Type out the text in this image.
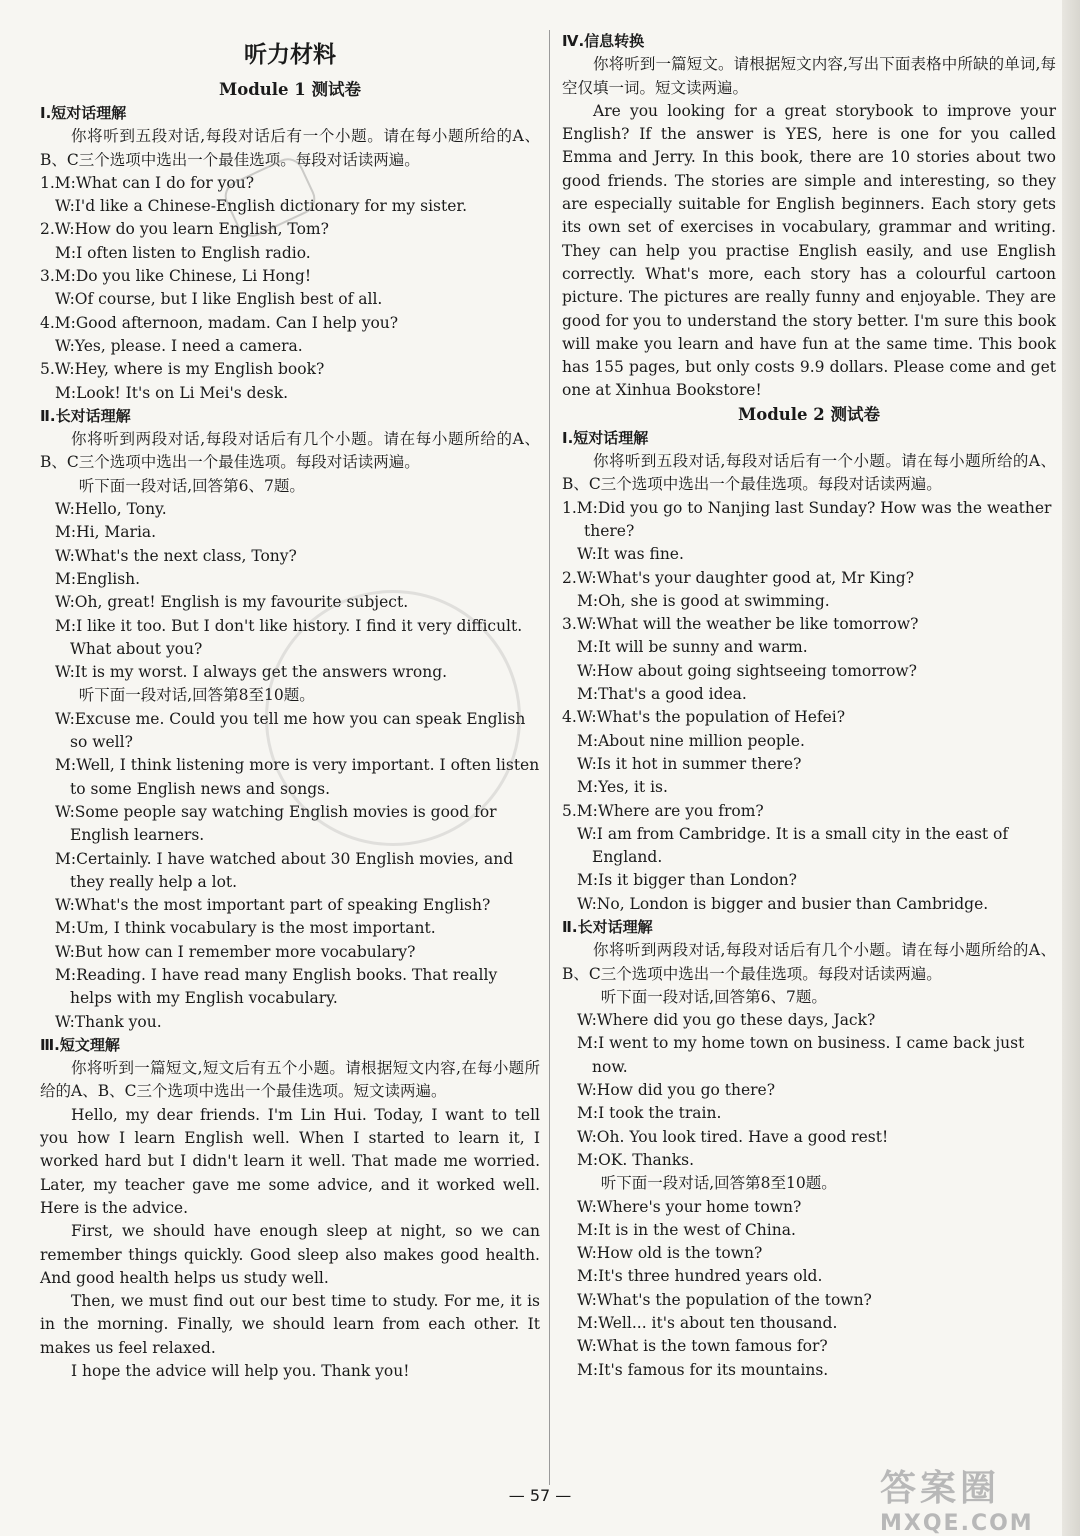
听力材料
Module 1 测试卷
Ⅰ.短对话理解
你将听到五段对话,每段对话后有一个小题。请在每小题所给的A、B、C三个选项中选出一个最佳选项。每段对话读两遍。
1.M:What can I do for you?
W:I'd like a Chinese-English dictionary for my sister.
2.W:How do you learn English, Tom?
M:I often listen to English radio.
3.M:Do you like Chinese, Li Hong!
W:Of course, but I like English best of all.
4.M:Good afternoon, madam. Can I help you?
W:Yes, please. I need a camera.
5.W:Hey, where is my English book?
M:Look! It's on Li Mei's desk.
Ⅱ.长对话理解
你将听到两段对话,每段对话后有几个小题。请在每小题所给的A、B、C三个选项中选出一个最佳选项。每段对话读两遍。
听下面一段对话,回答第6、7题。
W:Hello, Tony.
M:Hi, Maria.
W:What's the next class, Tony?
M:English.
W:Oh, great! English is my favourite subject.
M:I like it too. But I don't like history. I find it very difficult. What about you?
W:It is my worst. I always get the answers wrong.
听下面一段对话,回答第8至10题。
W:Excuse me. Could you tell me how you can speak English so well?
M:Well, I think listening more is very important. I often listen to some English news and songs.
W:Some people say watching English movies is good for English learners.
M:Certainly. I have watched about 30 English movies, and they really help a lot.
W:What's the most important part of speaking English?
M:Um, I think vocabulary is the most important.
W:But how can I remember more vocabulary?
M:Reading. I have read many English books. That really helps with my English vocabulary.
W:Thank you.
Ⅲ.短文理解
你将听到一篇短文,短文后有五个小题。请根据短文内容,在每小题所给的A、B、C三个选项中选出一个最佳选项。短文读两遍。
Hello, my dear friends. I'm Lin Hui. Today, I want to tell you how I learn English well. When I started to learn it, I worked hard but I didn't learn it well. That made me worried. Later, my teacher gave me some advice, and it worked well. Here is the advice.
First, we should have enough sleep at night, so we can remember things quickly. Good sleep also makes good health. And good health helps us study well.
Then, we must find out our best time to study. For me, it is in the morning. Finally, we should learn from each other. It makes us feel relaxed.
I hope the advice will help you. Thank you!
Ⅳ.信息转换
你将听到一篇短文。请根据短文内容,写出下面表格中所缺的单词,每空仅填一词。短文读两遍。
Are you looking for a great storybook to improve your English? If the answer is YES, here is one for you called Emma and Jerry. In this book, there are 10 stories about two good friends. The stories are simple and interesting, so they are especially suitable for English beginners. Each story gets its own set of exercises in vocabulary, grammar and writing. They can help you practise English easily, and use English correctly. What's more, each story has a colourful cartoon picture. The pictures are really funny and enjoyable. They are good for you to understand the story better. I'm sure this book will make you learn and have fun at the same time. This book has 155 pages, but only costs 9.9 dollars. Please come and get one at Xinhua Bookstore!
Module 2 测试卷
Ⅰ.短对话理解
你将听到五段对话,每段对话后有一个小题。请在每小题所给的A、B、C三个选项中选出一个最佳选项。每段对话读两遍。
1.M:Did you go to Nanjing last Sunday? How was the weather there?
W:It was fine.
2.W:What's your daughter good at, Mr King?
M:Oh, she is good at swimming.
3.W:What will the weather be like tomorrow?
M:It will be sunny and warm.
W:How about going sightseeing tomorrow?
M:That's a good idea.
4.W:What's the population of Hefei?
M:About nine million people.
W:Is it hot in summer there?
M:Yes, it is.
5.M:Where are you from?
W:I am from Cambridge. It is a small city in the east of England.
M:Is it bigger than London?
W:No, London is bigger and busier than Cambridge.
Ⅱ.长对话理解
你将听到两段对话,每段对话后有几个小题。请在每小题所给的A、B、C三个选项中选出一个最佳选项。每段对话读两遍。
听下面一段对话,回答第6、7题。
W:Where did you go these days, Jack?
M:I went to my home town on business. I came back just now.
W:How did you go there?
M:I took the train.
W:Oh. You look tired. Have a good rest!
M:OK. Thanks.
听下面一段对话,回答第8至10题。
W:Where's your home town?
M:It is in the west of China.
W:How old is the town?
M:It's three hundred years old.
W:What's the population of the town?
M:Well... it's about ten thousand.
W:What is the town famous for?
M:It's famous for its mountains.
— 57 —	答案圈
MXQE.COM
